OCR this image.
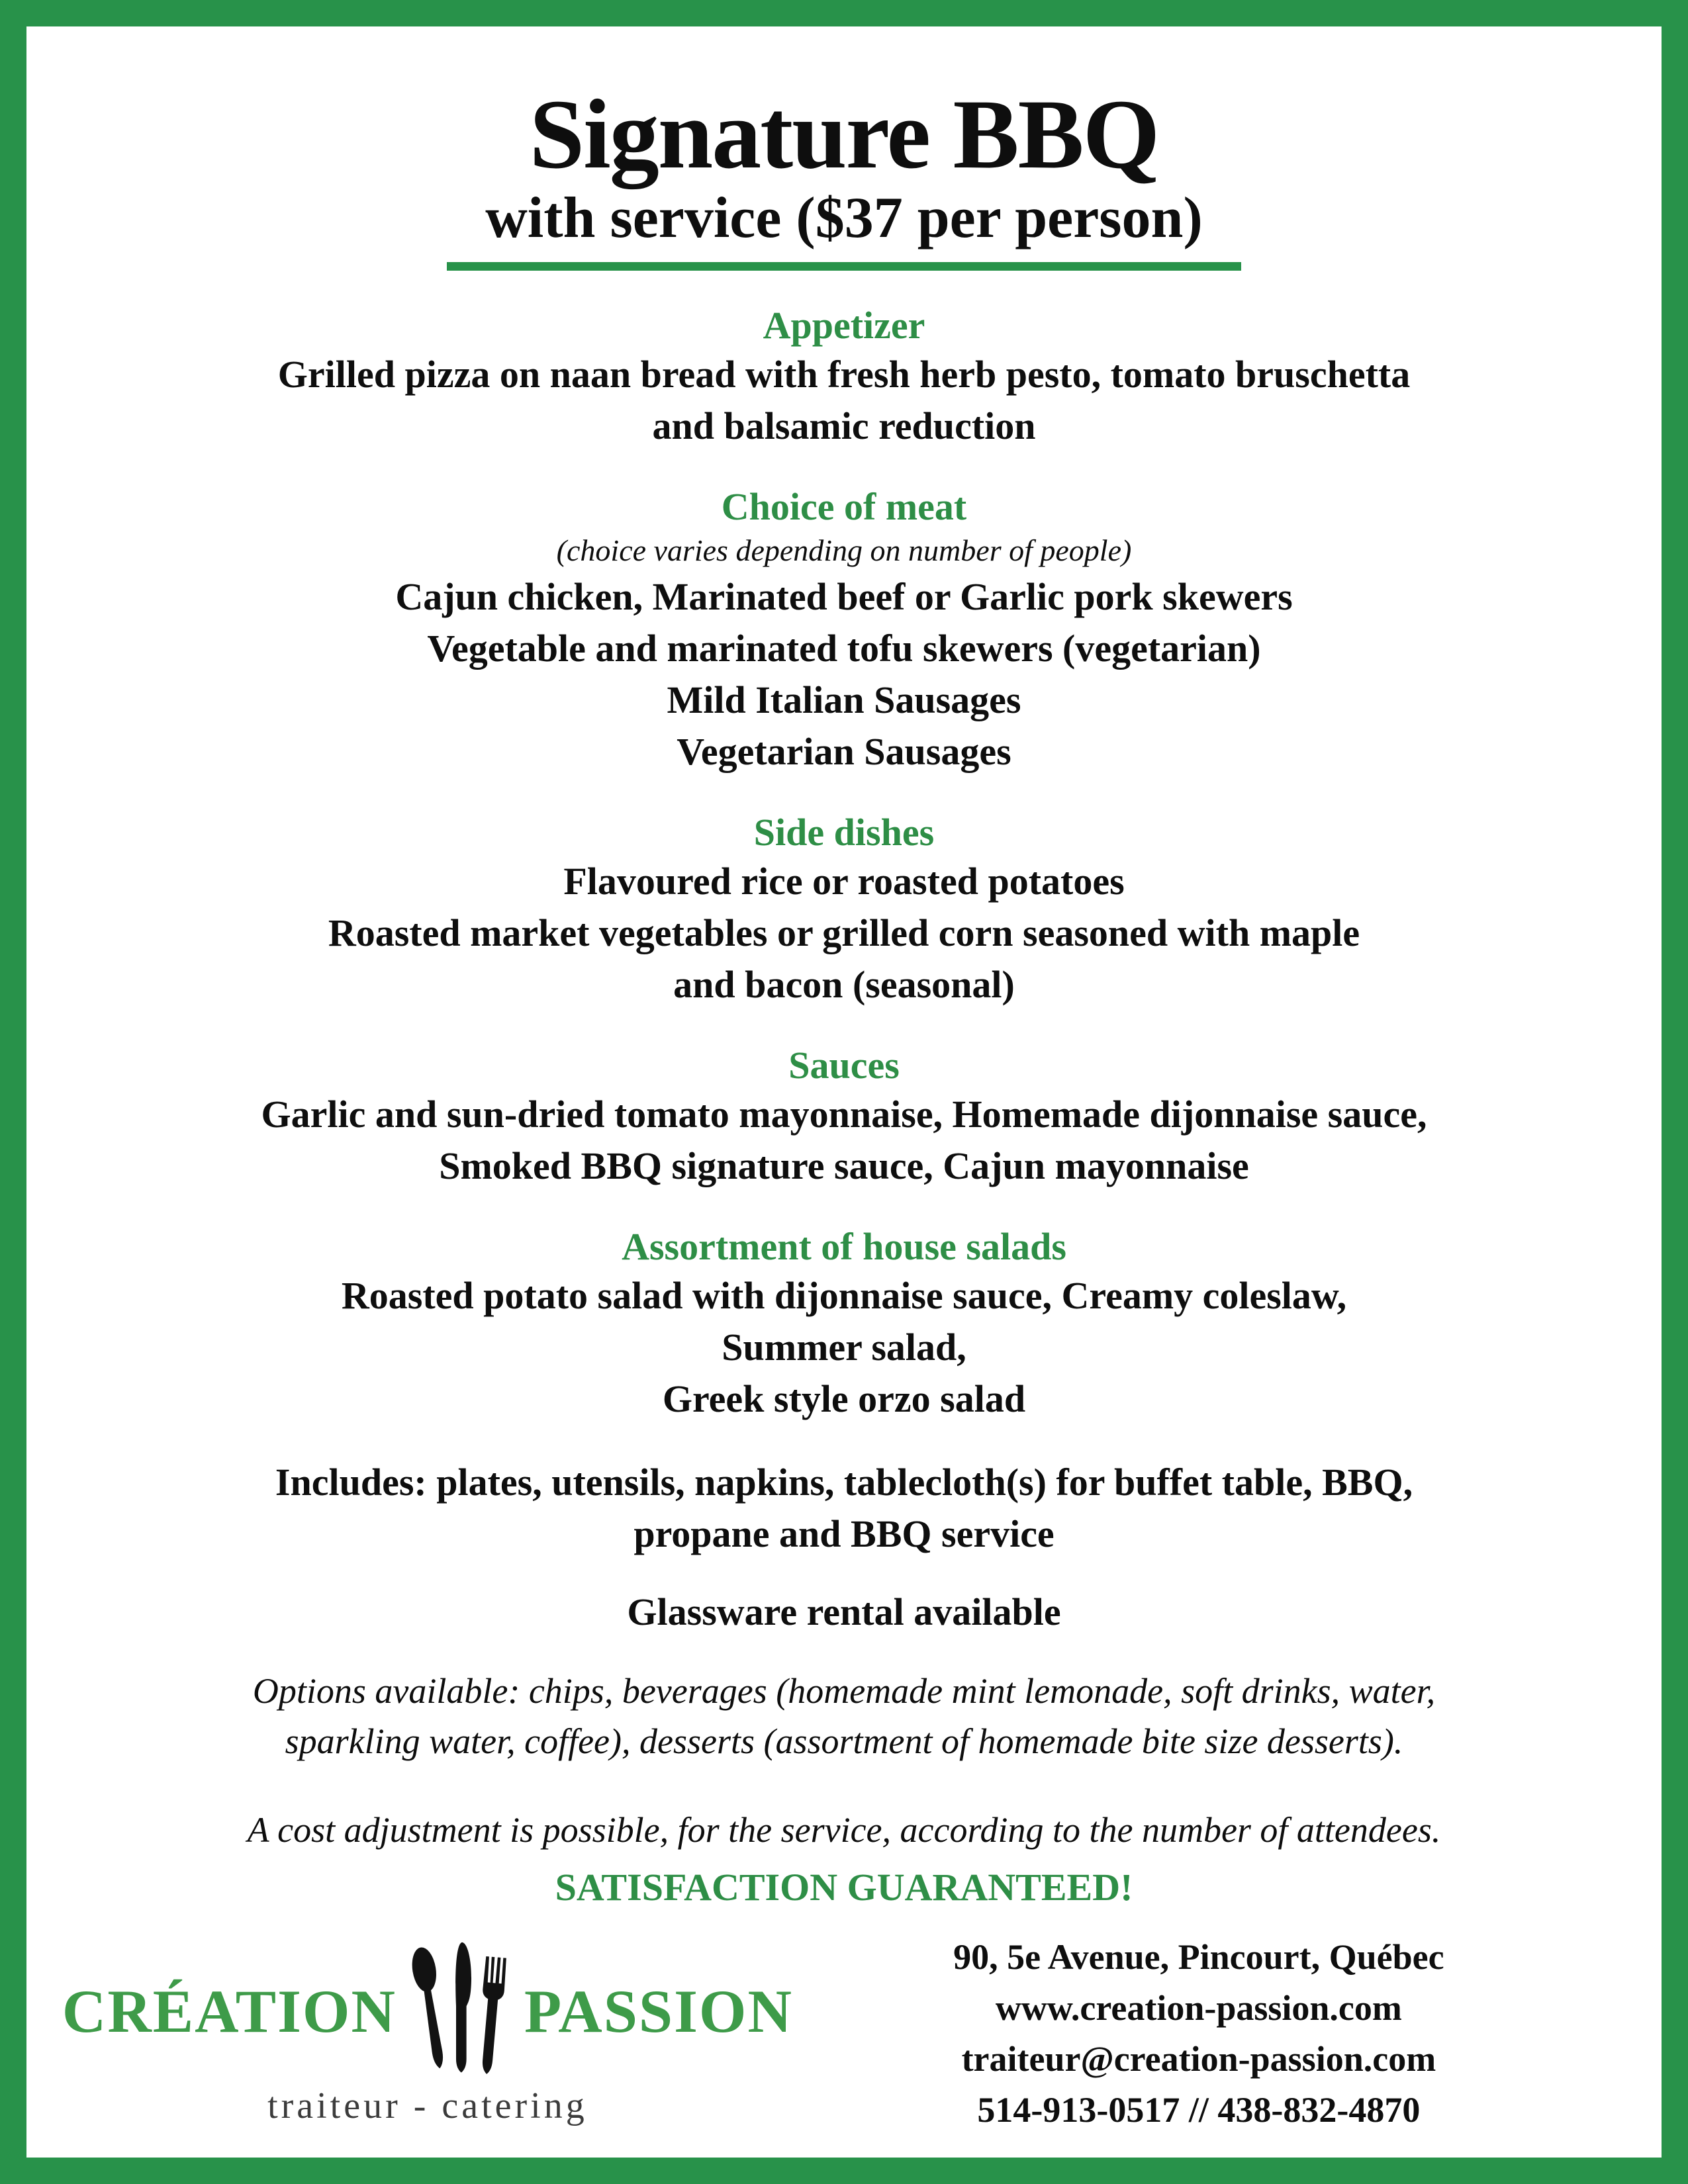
Signature BBQ
with service ($37 per person)
Appetizer
Grilled pizza on naan bread with fresh herb pesto, tomato bruschetta
and balsamic reduction
Choice of meat
(choice varies depending on number of people)
Cajun chicken, Marinated beef or Garlic pork skewers
Vegetable and marinated tofu skewers (vegetarian)
Mild Italian Sausages
Vegetarian Sausages
Side dishes
Flavoured rice or roasted potatoes
Roasted market vegetables or grilled corn seasoned with maple
and bacon (seasonal)
Sauces
Garlic and sun-dried tomato mayonnaise, Homemade dijonnaise sauce,
Smoked BBQ signature sauce, Cajun mayonnaise
Assortment of house salads
Roasted potato salad with dijonnaise sauce, Creamy coleslaw,
Summer salad,
Greek style orzo salad
Includes: plates, utensils, napkins, tablecloth(s) for buffet table, BBQ,
propane and BBQ service
Glassware rental available
Options available: chips, beverages (homemade mint lemonade, soft drinks, water,
sparkling water, coffee), desserts (assortment of homemade bite size desserts).
A cost adjustment is possible, for the service, according to the number of attendees.
SATISFACTION GUARANTEED!
CRÉATION PASSION
traiteur - catering
90, 5e Avenue, Pincourt, Québec
www.creation-passion.com
traiteur@creation-passion.com
514-913-0517 // 438-832-4870
